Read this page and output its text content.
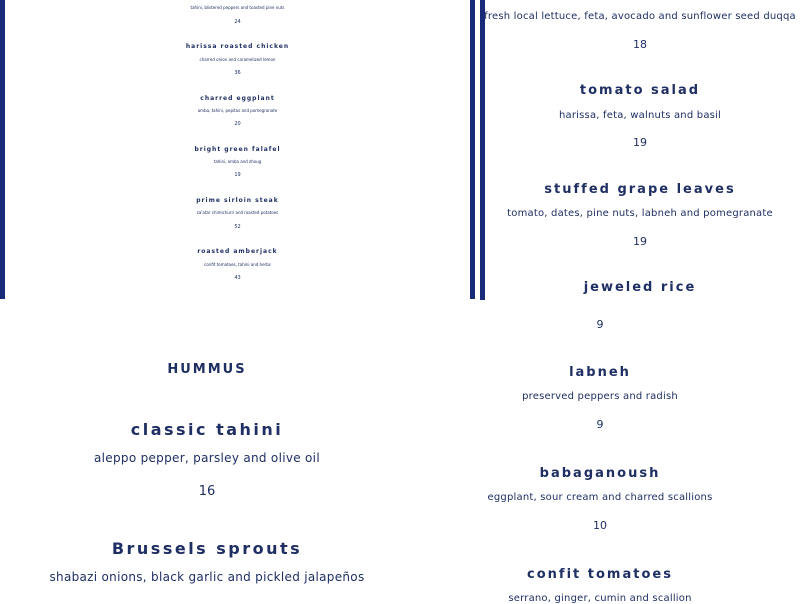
tahini, blistered peppers and toasted pine nuts
24
harissa roasted chicken
charred onion and caramelized lemon
36
charred eggplant
amba, tahini, pepitas and pomegranate
20
bright green falafel
tahini, amba and zhoug
19
prime sirloin steak
za'atar chimichurri and roasted potatoes
52
roasted amberjack
confit tomatoes, tahini and herbs
43
fresh local lettuce, feta, avocado and sunflower seed duqqa
18
tomato salad
harissa, feta, walnuts and basil
19
stuffed grape leaves
tomato, dates, pine nuts, labneh and pomegranate
19
jeweled rice
HUMMUS
classic tahini
aleppo pepper, parsley and olive oil
16
Brussels sprouts
shabazi onions, black garlic and pickled jalapeños
9
labneh
preserved peppers and radish
9
babaganoush
eggplant, sour cream and charred scallions
10
confit tomatoes
serrano, ginger, cumin and scallion
